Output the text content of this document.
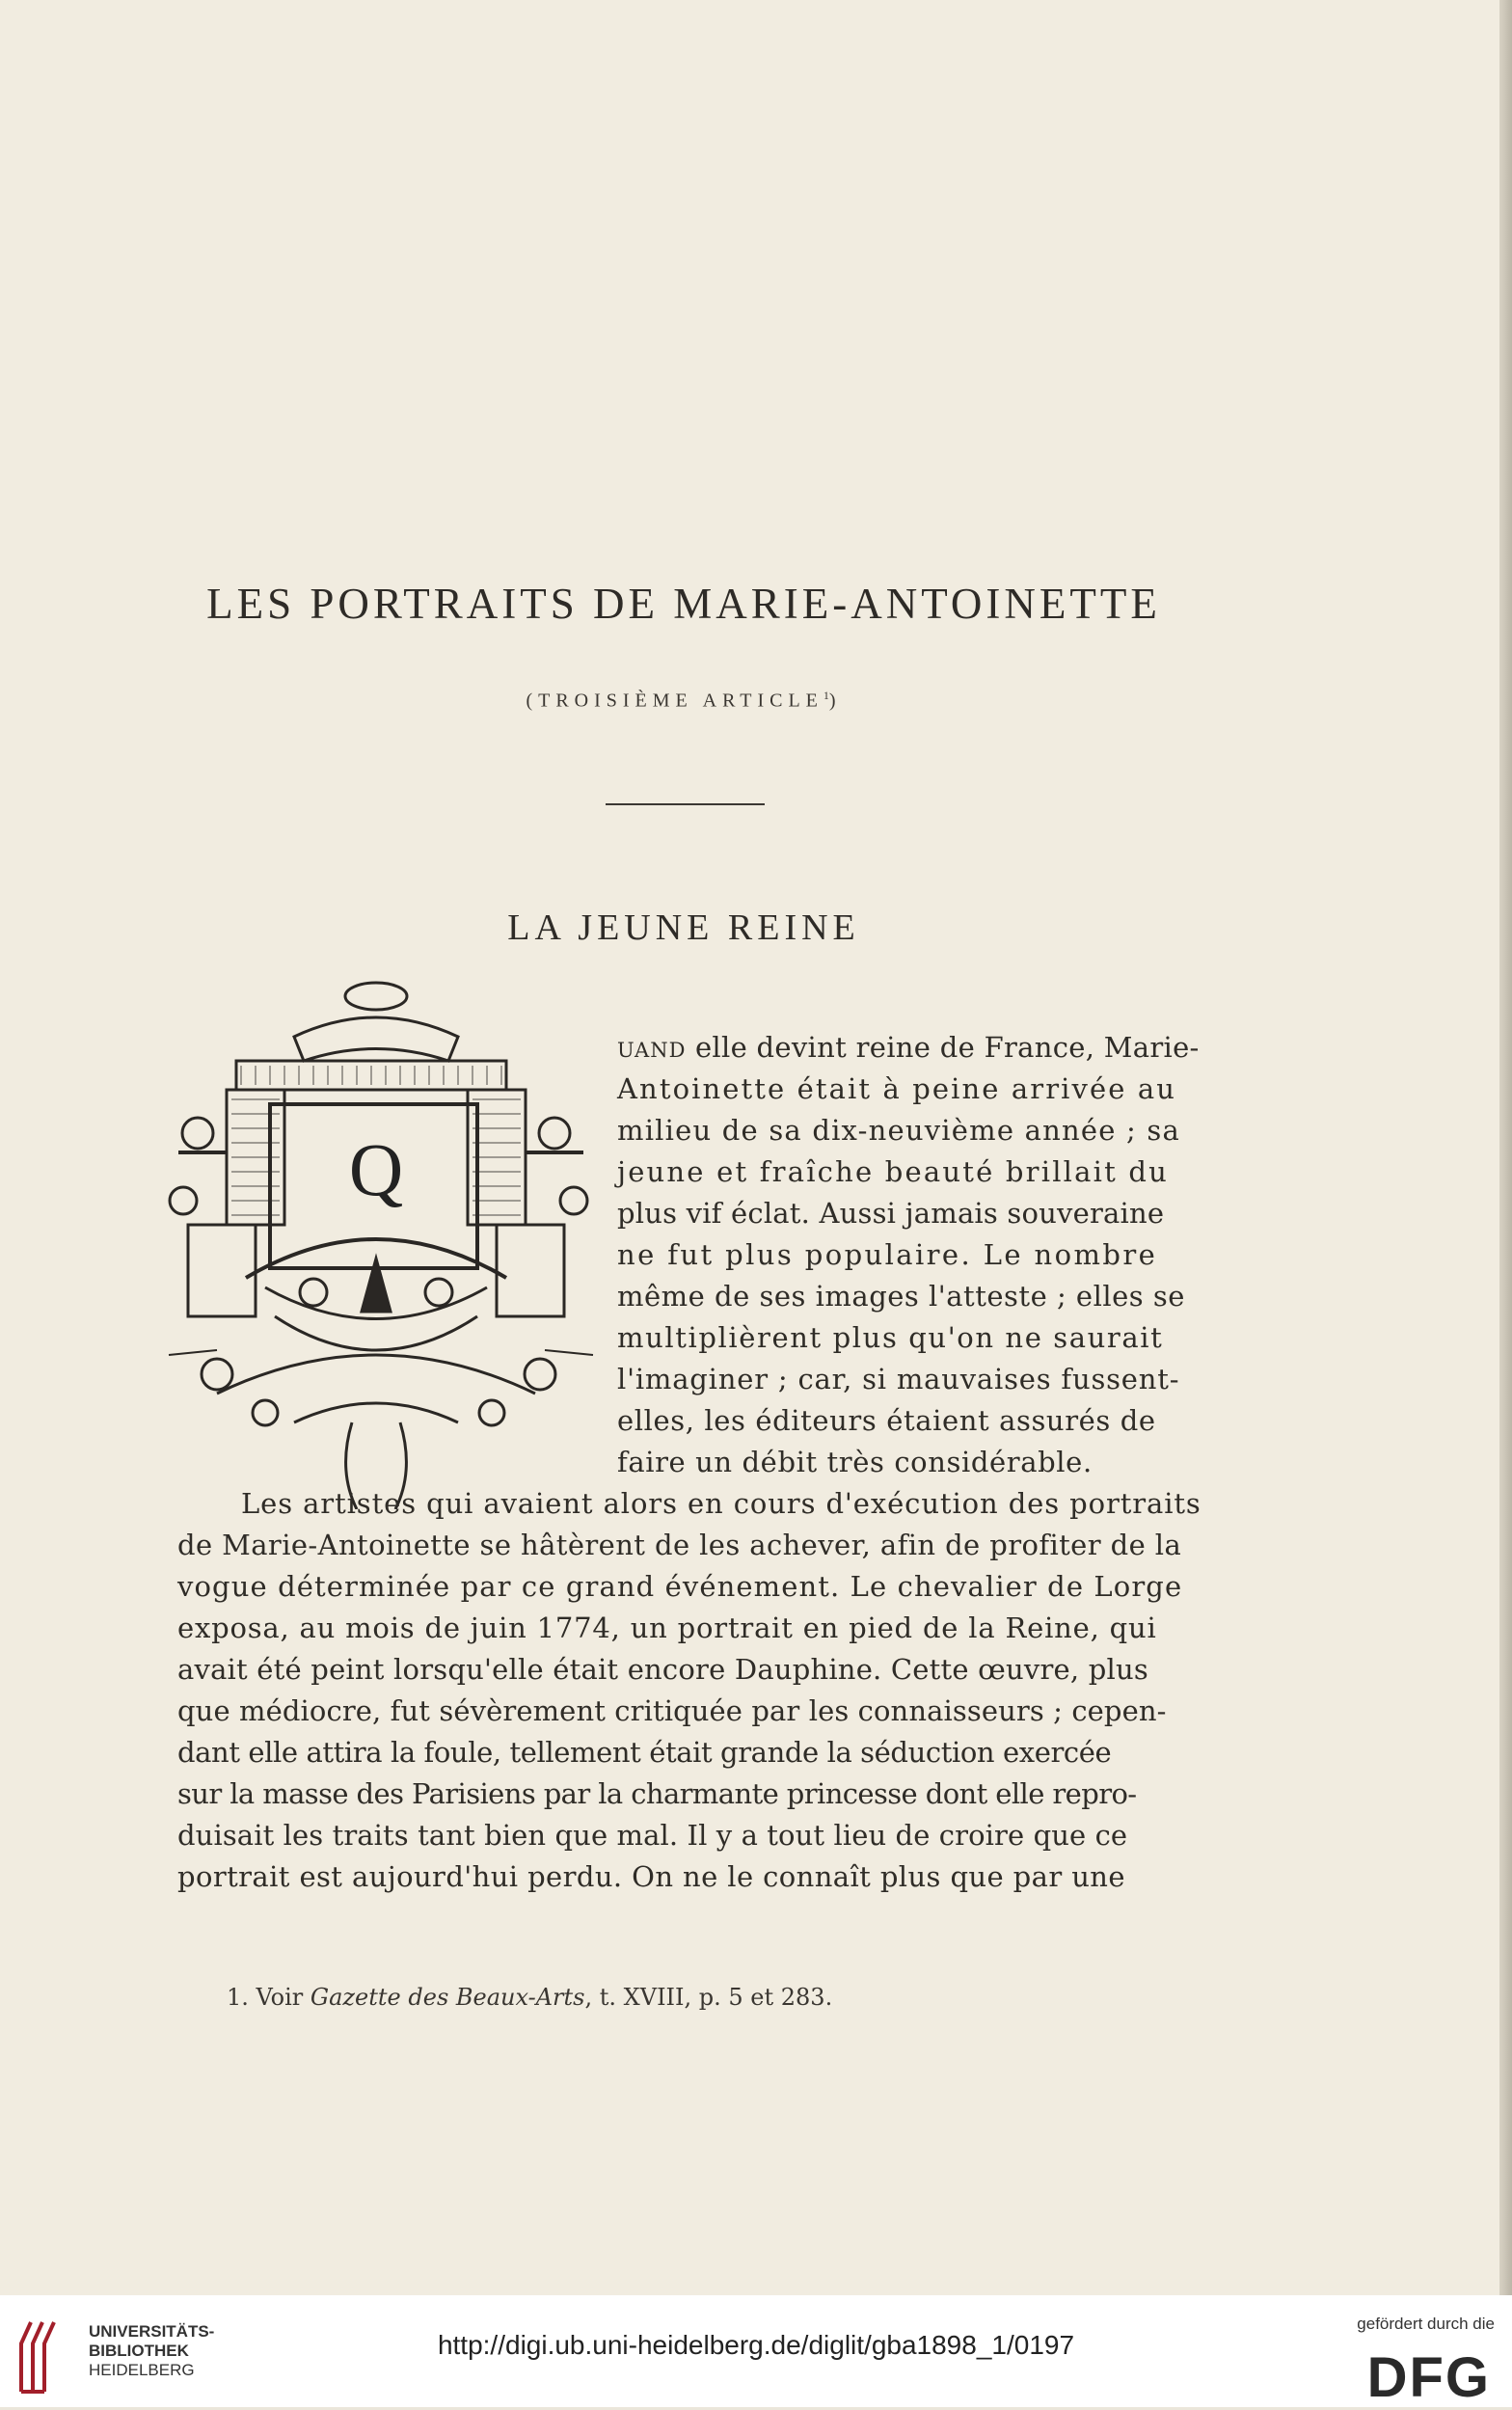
LES PORTRAITS DE MARIE-ANTOINETTE
(TROISIÈME ARTICLE$^1$)
LA JEUNE REINE
Q
UAND elle devint reine de France, Marie-
Antoinette était à peine arrivée au
milieu de sa dix-neuvième année ; sa
jeune et fraîche beauté brillait du
plus vif éclat. Aussi jamais souveraine
ne fut plus populaire. Le nombre
même de ses images l'atteste ; elles se
multiplièrent plus qu'on ne saurait
l'imaginer ; car, si mauvaises fussent-
elles, les éditeurs étaient assurés de
faire un débit très considérable.
Les artistes qui avaient alors en cours d'exécution des portraits
de Marie-Antoinette se hâtèrent de les achever, afin de profiter de la
vogue déterminée par ce grand événement. Le chevalier de Lorge
exposa, au mois de juin 1774, un portrait en pied de la Reine, qui
avait été peint lorsqu'elle était encore Dauphine. Cette œuvre, plus
que médiocre, fut sévèrement critiquée par les connaisseurs ; cepen-
dant elle attira la foule, tellement était grande la séduction exercée
sur la masse des Parisiens par la charmante princesse dont elle repro-
duisait les traits tant bien que mal. Il y a tout lieu de croire que ce
portrait est aujourd'hui perdu. On ne le connaît plus que par une
1. Voir Gazette des Beaux-Arts, t. XVIII, p. 5 et 283.
UNIVERSITÄTS-
BIBLIOTHEK
HEIDELBERG
http://digi.ub.uni-heidelberg.de/diglit/gba1898_1/0197
gefördert durch die
DFG
